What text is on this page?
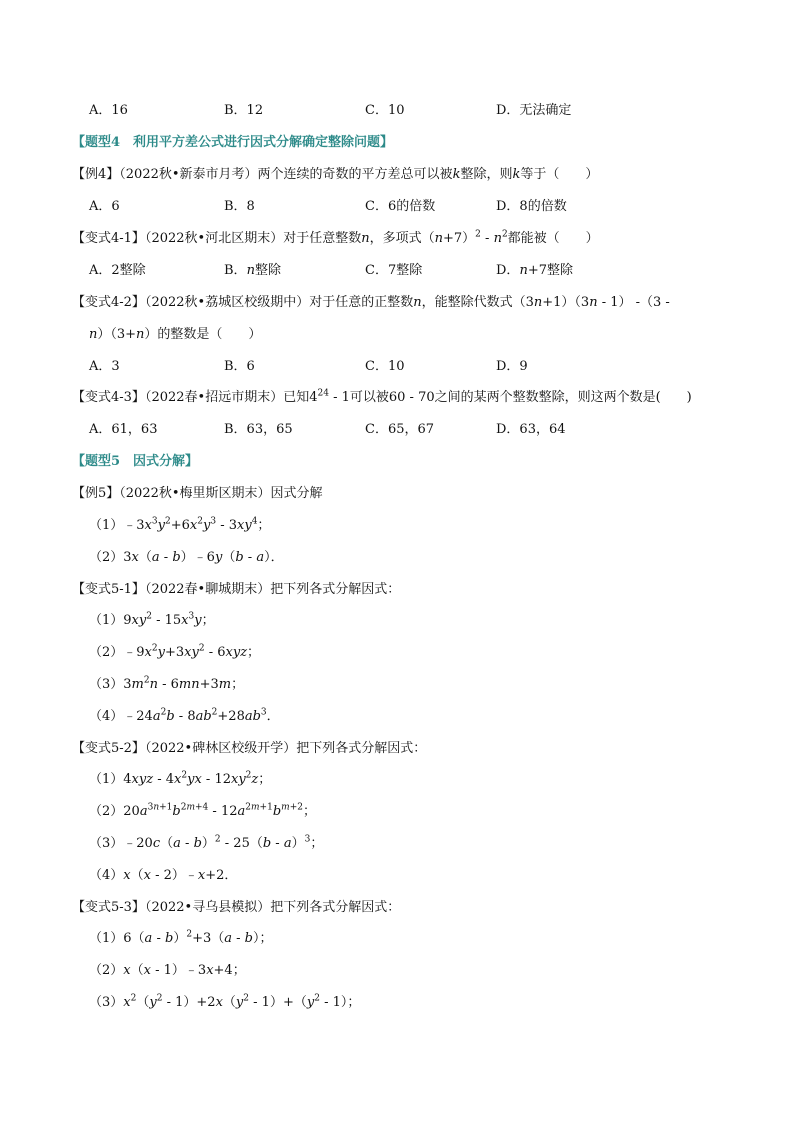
A．16	B．12	C．10	D．无法确定
【题型4　利用平方差公式进行因式分解确定整除问题】
【例4】（2022秋•新泰市月考）两个连续的奇数的平方差总可以被k整除，则k等于（　　）
A．6	B．8	C．6的倍数	D．8的倍数
【变式4-1】（2022秋•河北区期末）对于任意整数n，多项式$(n+7)^2 - n^2$都能被（　　）
A．2整除	B．n整除	C．7整除	D．n+7整除
【变式4-2】（2022秋•荔城区校级期中）对于任意的正整数n，能整除代数式（3n+1）（3n - 1） -（3 -
n）（3+n）的整数是（　　）
A．3	B．6	C．10	D．9
【变式4-3】（2022春•招远市期末）已知$4^{24} - 1$可以被60 - 70之间的某两个整数整除，则这两个数是(　　)
A．61，63	B．63，65	C．65，67	D．63，64
【题型5　因式分解】
【例5】（2022秋•梅里斯区期末）因式分解
$(1)﹣3x^3y^2+6x^2y^3 - 3xy^4$；
（2）3x（a - b）﹣6y（b - a）．
【变式5-1】（2022春•聊城期末）把下列各式分解因式：
$(1)9xy^2 - 15x^3y$；
$(2)﹣9x^2y+3xy^2 - 6xyz$；
$(3)3m^2n - 6mn+3m$；
$(4)﹣24a^2b - 8ab^2+28ab^3$．
【变式5-2】（2022•碑林区校级开学）把下列各式分解因式：
$(1)4xyz - 4x^2yx - 12xy^2z$；
$(2)20a^{3n+1}b^{2m+4} - 12a^{2m+1}b^{m+2}$；
（3）﹣20c（a - b）$^2$ - 25（b - a）$^3$；
（4）x（x - 2）﹣x+2．
【变式5-3】（2022•寻乌县模拟）把下列各式分解因式：
（1）6（a - b）$^2$+3（a - b）；
（2）x（x - 1）﹣3x+4；
$(3)x^2(y^2 - 1)+2x(y^2 - 1)+(y^2 - 1)$；
